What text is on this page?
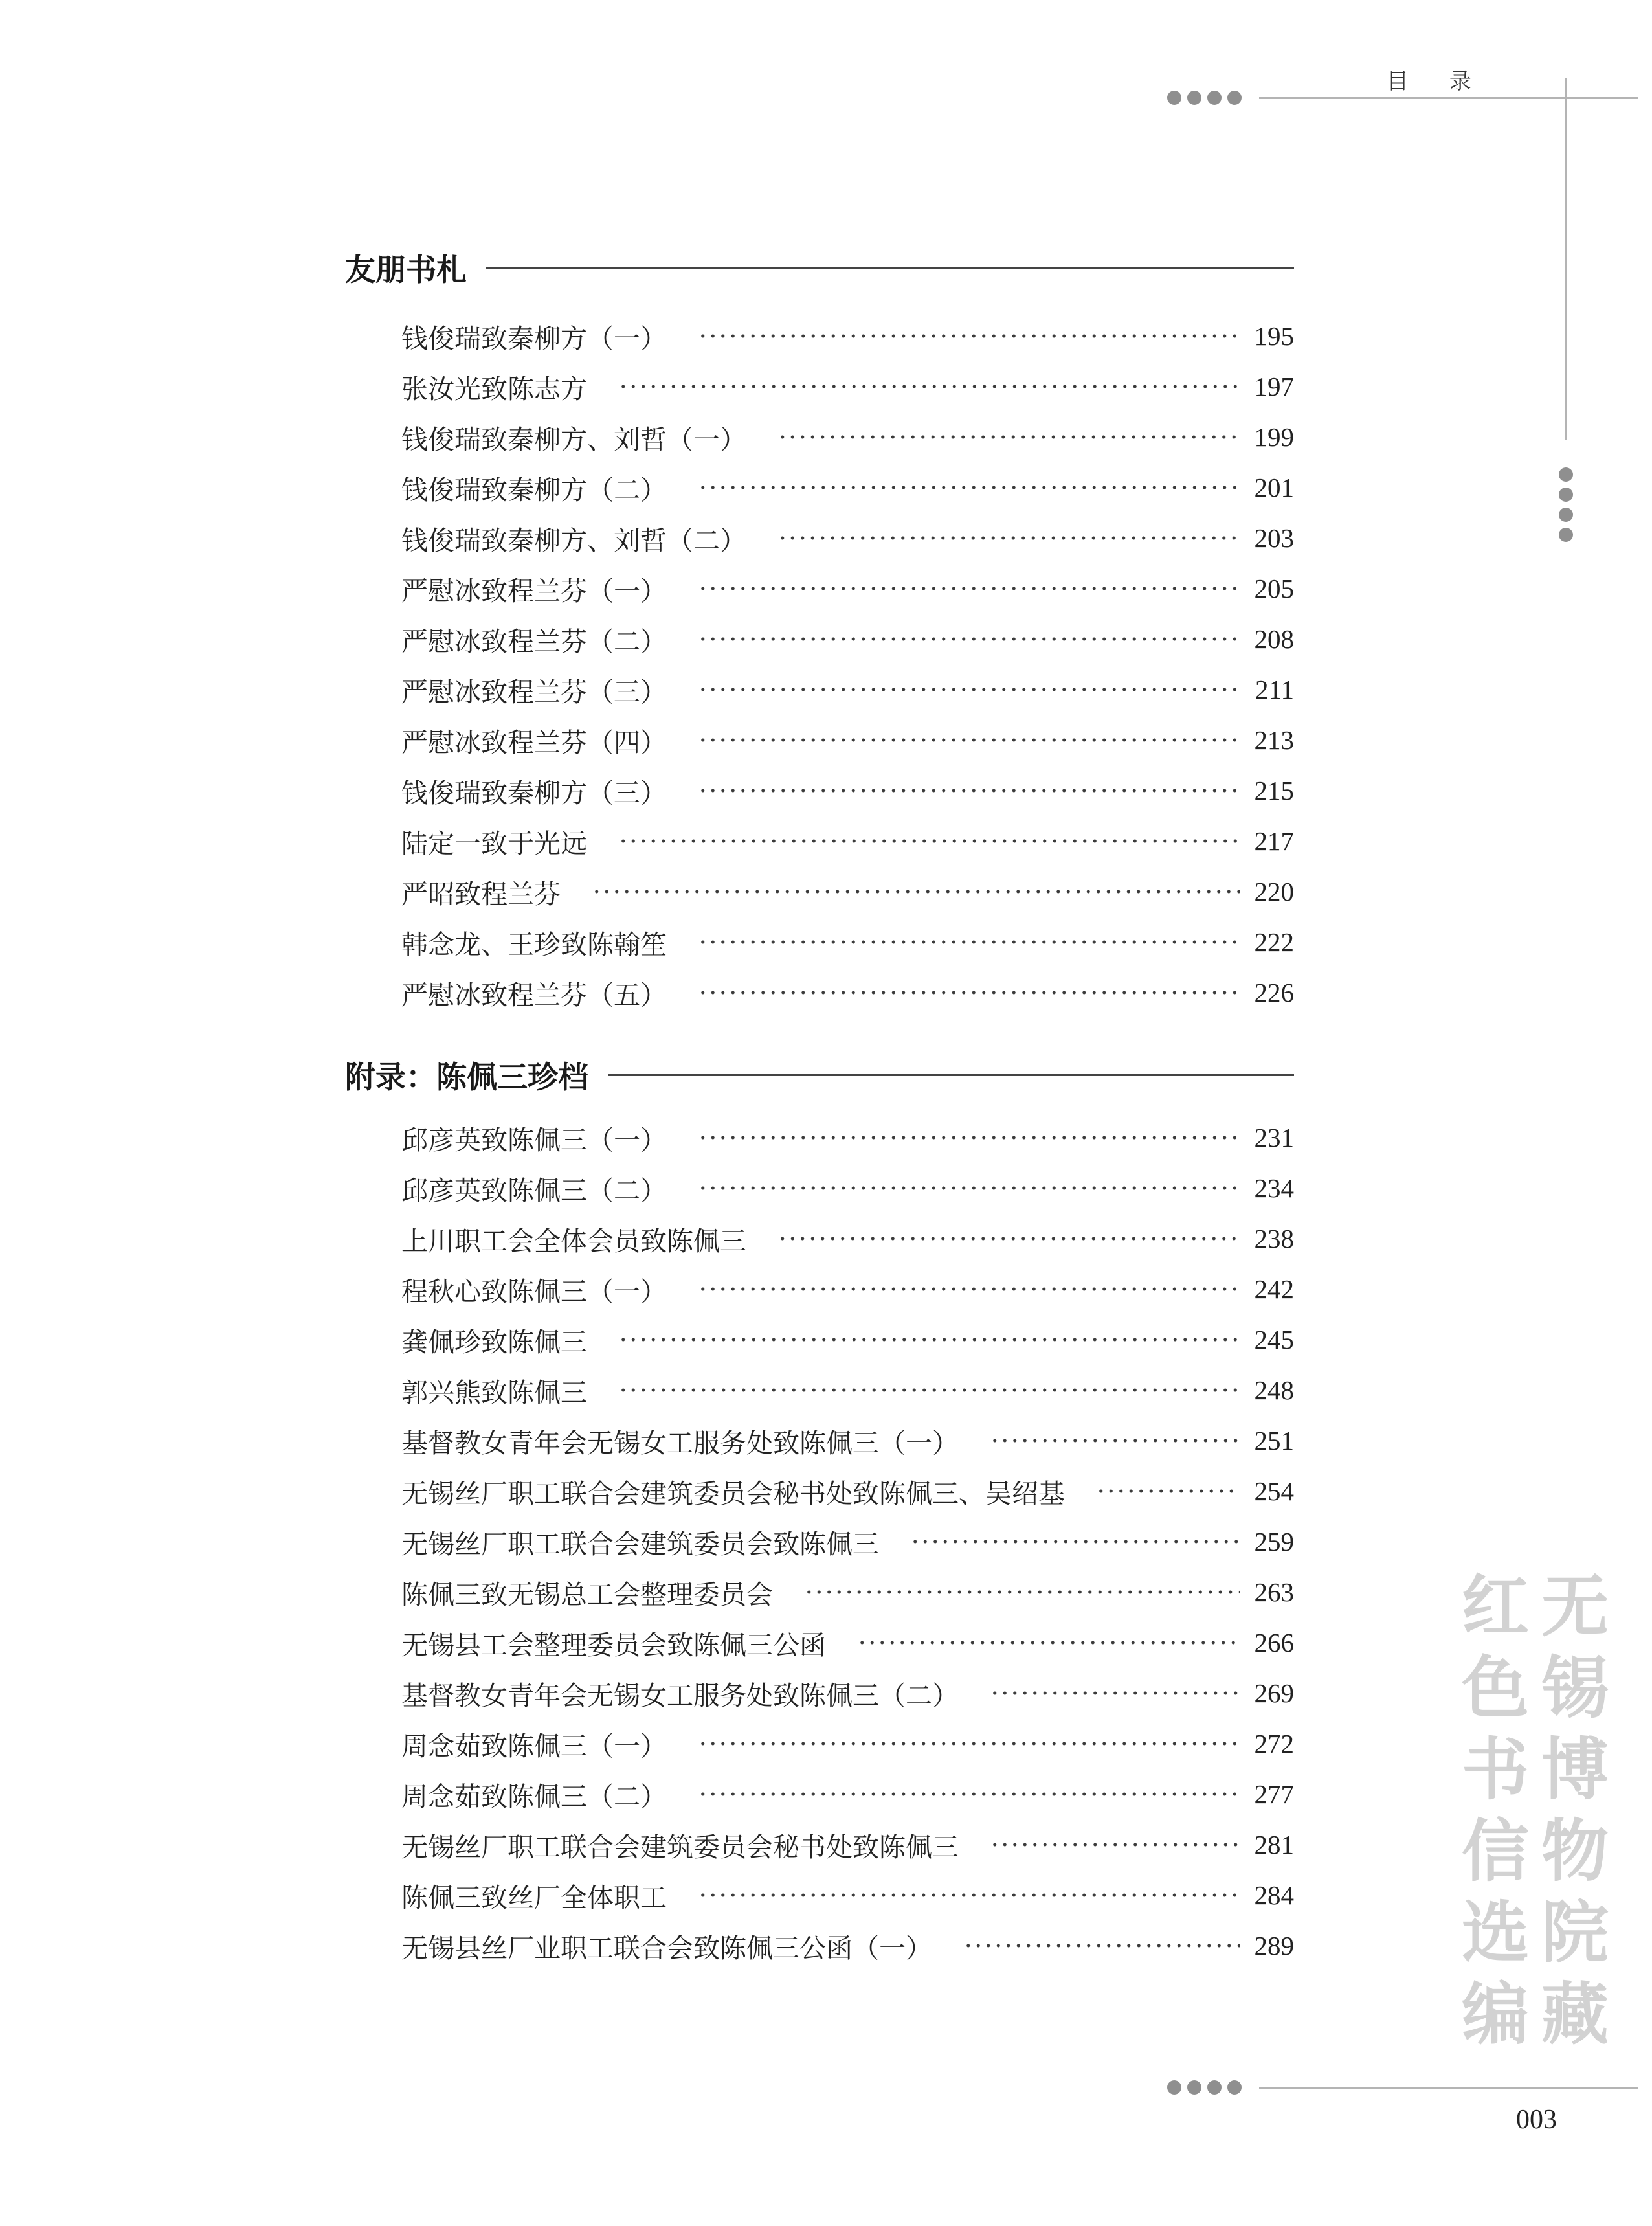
目 录
红
色
书
信
选
编
无
锡
博
物
院
藏
003
友朋书札
钱俊瑞致秦柳方（一）	195
张汝光致陈志方	197
钱俊瑞致秦柳方、刘哲（一）	199
钱俊瑞致秦柳方（二）	201
钱俊瑞致秦柳方、刘哲（二）	203
严慰冰致程兰芬（一）	205
严慰冰致程兰芬（二）	208
严慰冰致程兰芬（三）	211
严慰冰致程兰芬（四）	213
钱俊瑞致秦柳方（三）	215
陆定一致于光远	217
严昭致程兰芬	220
韩念龙、王珍致陈翰笙	222
严慰冰致程兰芬（五）	226
附录：陈佩三珍档
邱彦英致陈佩三（一）	231
邱彦英致陈佩三（二）	234
上川职工会全体会员致陈佩三	238
程秋心致陈佩三（一）	242
龚佩珍致陈佩三	245
郭兴熊致陈佩三	248
基督教女青年会无锡女工服务处致陈佩三（一）	251
无锡丝厂职工联合会建筑委员会秘书处致陈佩三、吴绍基	254
无锡丝厂职工联合会建筑委员会致陈佩三	259
陈佩三致无锡总工会整理委员会	263
无锡县工会整理委员会致陈佩三公函	266
基督教女青年会无锡女工服务处致陈佩三（二）	269
周念茹致陈佩三（一）	272
周念茹致陈佩三（二）	277
无锡丝厂职工联合会建筑委员会秘书处致陈佩三	281
陈佩三致丝厂全体职工	284
无锡县丝厂业职工联合会致陈佩三公函（一）	289
